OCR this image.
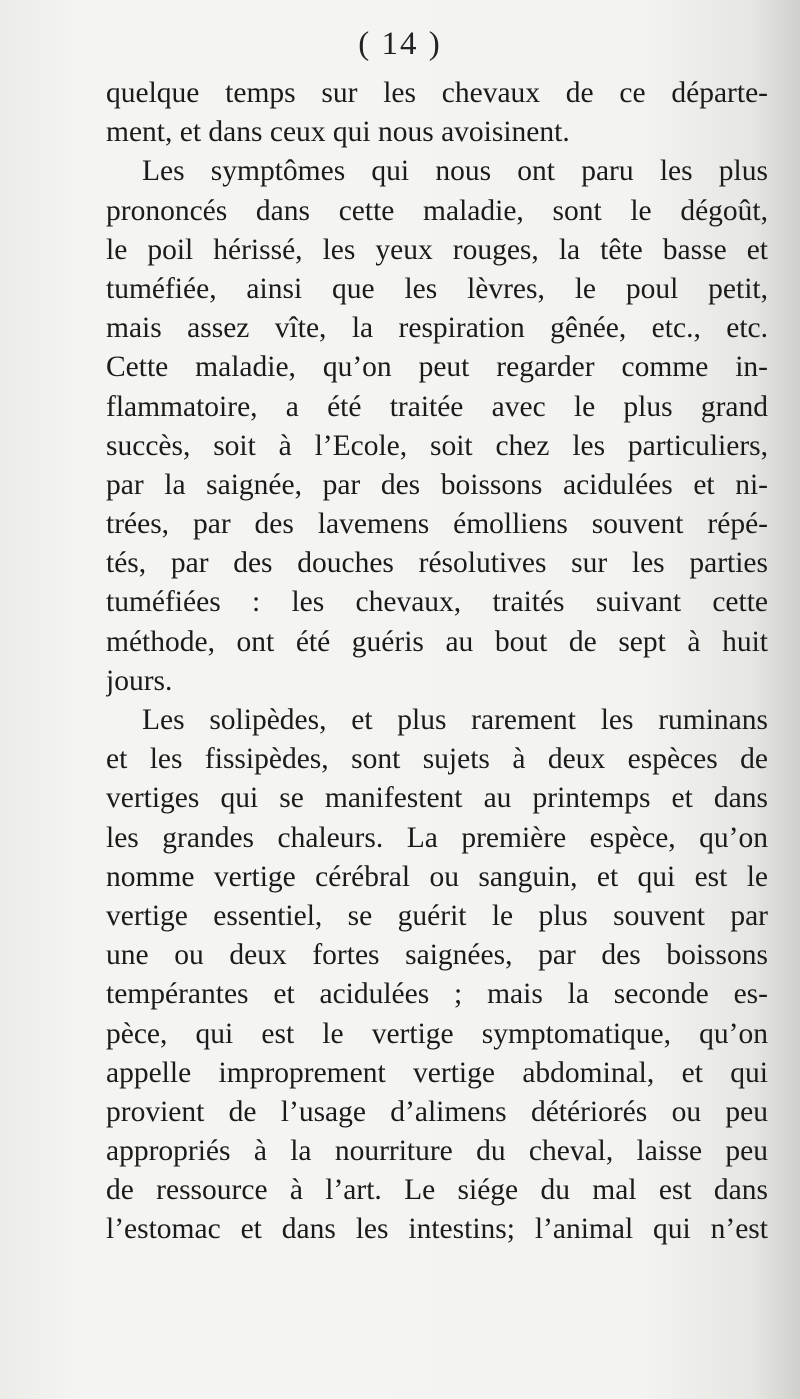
( 14 )
quelque temps sur les chevaux de ce départe-
ment, et dans ceux qui nous avoisinent.
Les symptômes qui nous ont paru les plus
prononcés dans cette maladie, sont le dégoût,
le poil hérissé, les yeux rouges, la tête basse et
tuméfiée, ainsi que les lèvres, le poul petit,
mais assez vîte, la respiration gênée, etc., etc.
Cette maladie, qu’on peut regarder comme in-
flammatoire, a été traitée avec le plus grand
succès, soit à l’Ecole, soit chez les particuliers,
par la saignée, par des boissons acidulées et ni-
trées, par des lavemens émolliens souvent répé-
tés, par des douches résolutives sur les parties
tuméfiées : les chevaux, traités suivant cette
méthode, ont été guéris au bout de sept à huit
jours.
Les solipèdes, et plus rarement les ruminans
et les fissipèdes, sont sujets à deux espèces de
vertiges qui se manifestent au printemps et dans
les grandes chaleurs. La première espèce, qu’on
nomme vertige cérébral ou sanguin, et qui est le
vertige essentiel, se guérit le plus souvent par
une ou deux fortes saignées, par des boissons
tempérantes et acidulées ; mais la seconde es-
pèce, qui est le vertige symptomatique, qu’on
appelle improprement vertige abdominal, et qui
provient de l’usage d’alimens détériorés ou peu
appropriés à la nourriture du cheval, laisse peu
de ressource à l’art. Le siége du mal est dans
l’estomac et dans les intestins; l’animal qui n’est
